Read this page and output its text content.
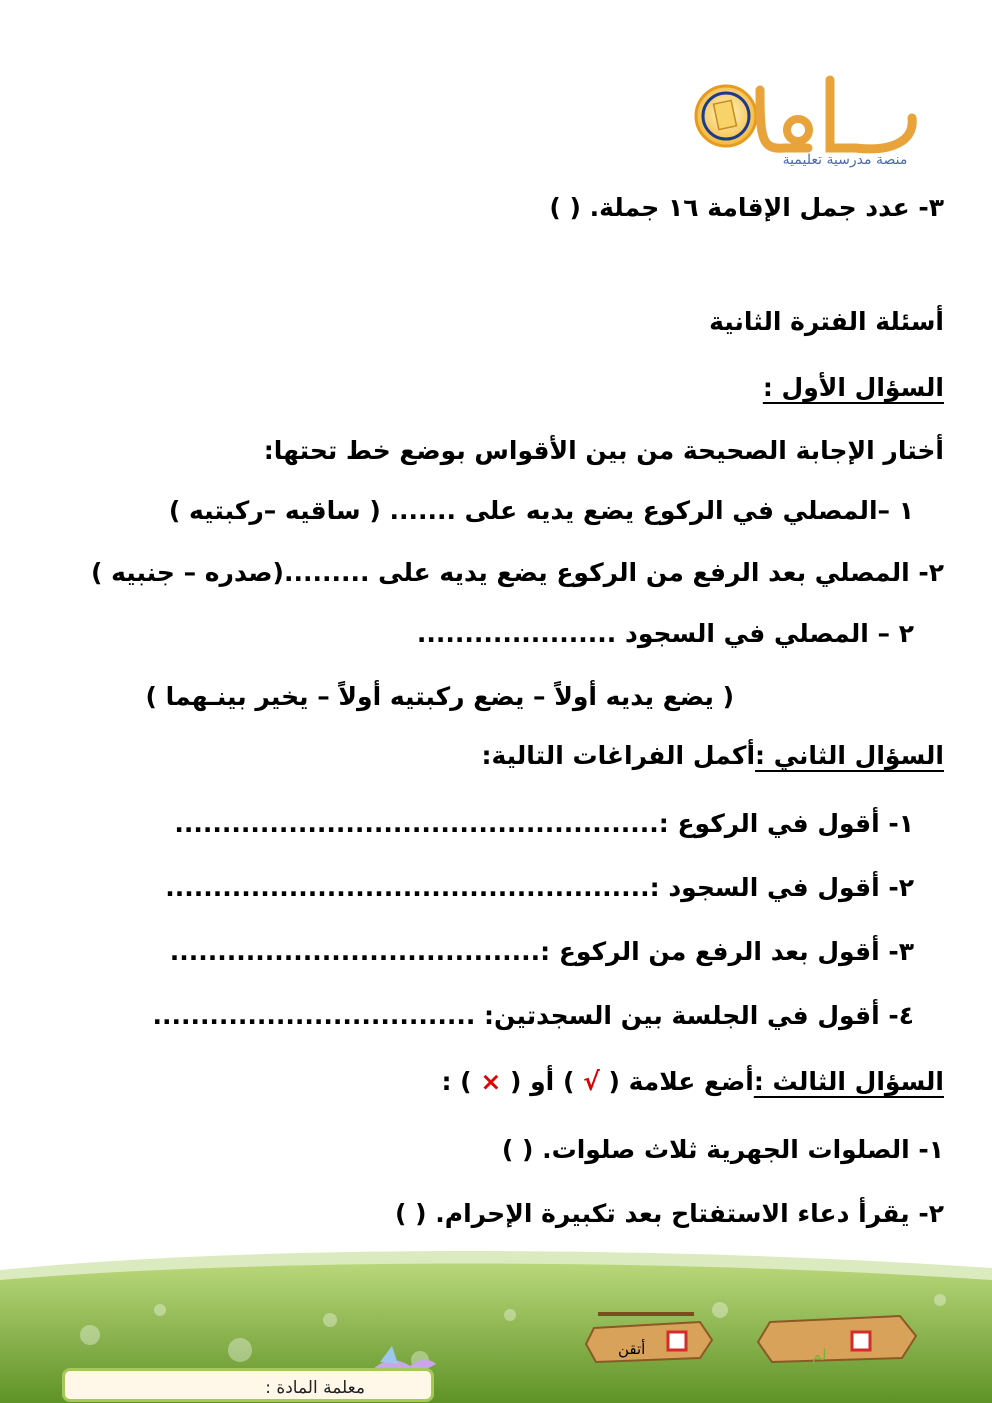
منصة مدرسية تعليمية
٣- عدد جمل الإقامة ١٦ جملة. ( )
أسئلة الفترة الثانية
السؤال الأول :
أختار الإجابة الصحيحة من بين الأقواس بوضع خط تحتها:
١ –المصلي في الركوع يضع يديه على ....... ( ساقيه –ركبتيه )
٢- المصلي بعد الرفع من الركوع يضع يديه على .........(صدره – جنبيه )
٢ – المصلي في السجود .....................
( يضع يديه أولاً – يضع ركبتيه أولاً – يخير بينـهما )
السؤال الثاني :أكمل الفراغات التالية:
١- أقول في الركوع :...................................................
٢- أقول في السجود :...................................................
٣- أقول بعد الرفع من الركوع :.......................................
٤- أقول في الجلسة بين السجدتين: ..................................
السؤال الثالث :أضع علامة ( √ ) أو ( × ) :
١- الصلوات الجهرية ثلاث صلوات. ( )
٢- يقرأ دعاء الاستفتاح بعد تكبيرة الإحرام. ( )
أتقن	لم
معلمة المادة :
